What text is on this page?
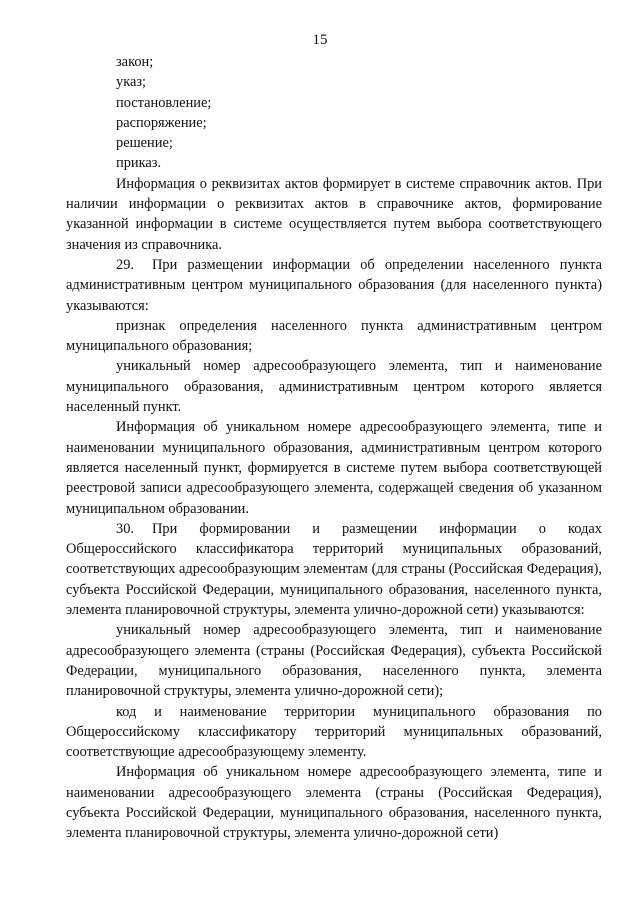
15

закон;

указ;

постановление;

распоряжение;

решение;

приказ.

Информация о реквизитах актов формирует в системе справочник актов. При наличии информации о реквизитах актов в справочнике актов, формирование указанной информации в системе осуществляется путем выбора соответствующего значения из справочника.

29. При размещении информации об определении населенного пункта административным центром муниципального образования (для населенного пункта) указываются:

признак определения населенного пункта административным центром муниципального образования;

уникальный номер адресообразующего элемента, тип и наименование муниципального образования, административным центром которого является населенный пункт.

Информация об уникальном номере адресообразующего элемента, типе и наименовании муниципального образования, административным центром которого является населенный пункт, формируется в системе путем выбора соответствующей реестровой записи адресообразующего элемента, содержащей сведения об указанном муниципальном образовании.

30. При формировании и размещении информации о кодах Общероссийского классификатора территорий муниципальных образований, соответствующих адресообразующим элементам (для страны (Российская Федерация), субъекта Российской Федерации, муниципального образования, населенного пункта, элемента планировочной структуры, элемента улично-дорожной сети) указываются:

уникальный номер адресообразующего элемента, тип и наименование адресообразующего элемента (страны (Российская Федерация), субъекта Российской Федерации, муниципального образования, населенного пункта, элемента планировочной структуры, элемента улично-дорожной сети);

код и наименование территории муниципального образования по Общероссийскому классификатору территорий муниципальных образований, соответствующие адресообразующему элементу.

Информация об уникальном номере адресообразующего элемента, типе и наименовании адресообразующего элемента (страны (Российская Федерация), субъекта Российской Федерации, муниципального образования, населенного пункта, элемента планировочной структуры, элемента улично-дорожной сети)
